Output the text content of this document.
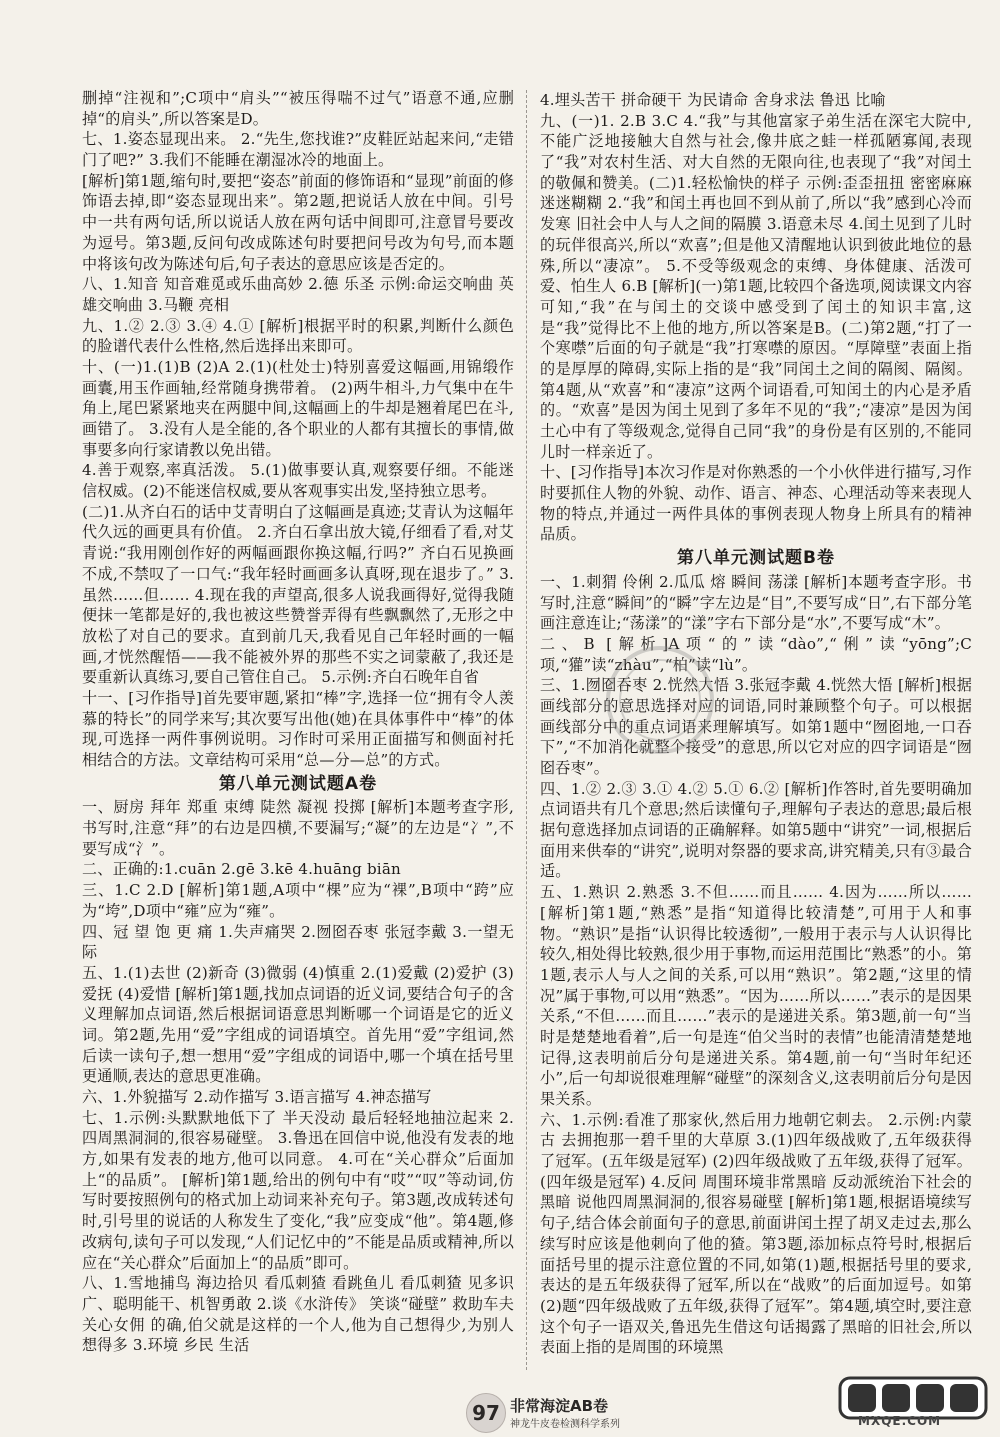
删掉“注视和”;C项中“肩头”“被压得喘不过气”语意不通,应删掉“的肩头”,所以答案是D。

七、1.姿态显现出来。 2.“先生,您找谁?”皮鞋匠站起来问,“走错门了吧?” 3.我们不能睡在潮湿冰冷的地面上。

[解析]第1题,缩句时,要把“姿态”前面的修饰语和“显现”前面的修饰语去掉,即“姿态显现出来”。第2题,把说话人放在中间。引号中一共有两句话,所以说话人放在两句话中间即可,注意冒号要改为逗号。第3题,反问句改成陈述句时要把问号改为句号,而本题中将该句改为陈述句后,句子表达的意思应该是否定的。

八、1.知音 知音难觅或乐曲高妙 2.德 乐圣 示例:命运交响曲 英雄交响曲 3.马鞭 亮相

九、1.② 2.③ 3.④ 4.① [解析]根据平时的积累,判断什么颜色的脸谱代表什么性格,然后选择出来即可。

十、(一)1.(1)B (2)A 2.(1)(杜处士)特别喜爱这幅画,用锦缎作画囊,用玉作画轴,经常随身携带着。 (2)两牛相斗,力气集中在牛角上,尾巴紧紧地夹在两腿中间,这幅画上的牛却是翘着尾巴在斗,画错了。 3.没有人是全能的,各个职业的人都有其擅长的事情,做事要多向行家请教以免出错。

4.善于观察,率真活泼。 5.(1)做事要认真,观察要仔细。不能迷信权威。(2)不能迷信权威,要从客观事实出发,坚持独立思考。

(二)1.从齐白石的话中艾青明白了这幅画是真迹;艾青认为这幅年代久远的画更具有价值。 2.齐白石拿出放大镜,仔细看了看,对艾青说:“我用刚创作好的两幅画跟你换这幅,行吗?” 齐白石见换画不成,不禁叹了一口气:“我年轻时画画多认真呀,现在退步了。” 3.虽然……但…… 4.现在我的声望高,很多人说我画得好,觉得我随便抹一笔都是好的,我也被这些赞誉弄得有些飘飘然了,无形之中放松了对自己的要求。直到前几天,我看见自己年轻时画的一幅画,才恍然醒悟——我不能被外界的那些不实之词蒙蔽了,我还是要重新认真练习,要自己管住自己。 5.示例:齐白石晚年自省

十一、[习作指导]首先要审题,紧扣“棒”字,选择一位“拥有令人羡慕的特长”的同学来写;其次要写出他(她)在具体事件中“棒”的体现,可选择一两件事例说明。习作时可采用正面描写和侧面衬托相结合的方法。文章结构可采用“总—分—总”的方式。

第八单元测试题A卷

一、厨房 拜年 郑重 束缚 陡然 凝视 投掷 [解析]本题考查字形,书写时,注意“拜”的右边是四横,不要漏写;“凝”的左边是“冫”,不要写成“氵”。

二、正确的:1.cuān 2.gē 3.kē 4.huāng biān

三、1.C 2.D [解析]第1题,A项中“棵”应为“裸”,B项中“跨”应为“垮”,D项中“雍”应为“雍”。

四、冠 望 饱 更 痛 1.失声痛哭 2.囫囵吞枣 张冠李戴 3.一望无际

五、1.(1)去世 (2)新奇 (3)微弱 (4)慎重 2.(1)爱戴 (2)爱护 (3)爱抚 (4)爱惜 [解析]第1题,找加点词语的近义词,要结合句子的含义理解加点词语,然后根据词语意思判断哪一个词语是它的近义词。第2题,先用“爱”字组成的词语填空。首先用“爱”字组词,然后读一读句子,想一想用“爱”字组成的词语中,哪一个填在括号里更通顺,表达的意思更准确。

六、1.外貌描写 2.动作描写 3.语言描写 4.神态描写

七、1.示例:头默默地低下了 半天没动 最后轻轻地抽泣起来 2.四周黑洞洞的,很容易碰壁。 3.鲁迅在回信中说,他没有发表的地方,如果有发表的地方,他可以同意。 4.可在“关心群众”后面加上“的品质”。 [解析]第1题,给出的例句中有“哎”“叹”等动词,仿写时要按照例句的格式加上动词来补充句子。第3题,改成转述句时,引号里的说话的人称发生了变化,“我”应变成“他”。第4题,修改病句,读句子可以发现,“人们记忆中的”不能是品质或精神,所以应在“关心群众”后面加上“的品质”即可。

八、1.雪地捕鸟 海边拾贝 看瓜刺猹 看跳鱼儿 看瓜刺猹 见多识广、聪明能干、机智勇敢 2.谈《水浒传》 笑谈“碰壁” 救助车夫 关心女佣 的确,伯父就是这样的一个人,他为自己想得少,为别人想得多 3.环境 乡民 生活

4.埋头苦干 拼命硬干 为民请命 舍身求法 鲁迅 比喻

九、(一)1. 2.B 3.C 4.“我”与其他富家子弟生活在深宅大院中,不能广泛地接触大自然与社会,像井底之蛙一样孤陋寡闻,表现了“我”对农村生活、对大自然的无限向往,也表现了“我”对闰土的敬佩和赞美。(二)1.轻松愉快的样子 示例:歪歪扭扭 密密麻麻 迷迷糊糊 2.“我”和闰土再也回不到从前了,所以“我”感到心冷而发寒 旧社会中人与人之间的隔膜 3.语意未尽 4.闰土见到了儿时的玩伴很高兴,所以“欢喜”;但是他又清醒地认识到彼此地位的悬殊,所以“凄凉”。 5.不受等级观念的束缚、身体健康、活泼可爱、怕生人 6.B [解析](一)第1题,比较四个备选项,阅读课文内容可知,“我”在与闰土的交谈中感受到了闰土的知识丰富,这是“我”觉得比不上他的地方,所以答案是B。(二)第2题,“打了一个寒噤”后面的句子就是“我”打寒噤的原因。“厚障壁”表面上指的是厚厚的障碍,实际上指的是“我”同闰土之间的隔阂、隔阂。第4题,从“欢喜”和“凄凉”这两个词语看,可知闰土的内心是矛盾的。“欢喜”是因为闰土见到了多年不见的“我”;“凄凉”是因为闰土心中有了等级观念,觉得自己同“我”的身份是有区别的,不能同儿时一样亲近了。

十、[习作指导]本次习作是对你熟悉的一个小伙伴进行描写,习作时要抓住人物的外貌、动作、语言、神态、心理活动等来表现人物的特点,并通过一两件具体的事例表现人物身上所具有的精神品质。

第八单元测试题B卷

一、1.刺猬 伶俐 2.瓜瓜 熔 瞬间 荡漾 [解析]本题考查字形。书写时,注意“瞬间”的“瞬”字左边是“目”,不要写成“日”,右下部分笔画注意连让;“荡漾”的“漾”字右下部分是“水”,不要写成“木”。

二、B [解析]A项“的”读“dào”,“俐”读“yōng”;C项,“獾”读“zhàu”,“柏”读“lù”。

三、1.囫囵吞枣 2.恍然大悟 3.张冠李戴 4.恍然大悟 [解析]根据画线部分的意思选择对应的词语,同时兼顾整个句子。可以根据画线部分中的重点词语来理解填写。如第1题中“囫囵地,一口吞下”,“不加消化就整个接受”的意思,所以它对应的四字词语是“囫囵吞枣”。

四、1.② 2.③ 3.① 4.② 5.① 6.② [解析]作答时,首先要明确加点词语共有几个意思;然后读懂句子,理解句子表达的意思;最后根据句意选择加点词语的正确解释。如第5题中“讲究”一词,根据后面用来供奉的“讲究”,说明对祭器的要求高,讲究精美,只有③最合适。

五、1.熟识 2.熟悉 3.不但……而且…… 4.因为……所以…… [解析]第1题,“熟悉”是指“知道得比较清楚”,可用于人和事物。“熟识”是指“认识得比较透彻”,一般用于表示与人认识得比较久,相处得比较熟,很少用于事物,而运用范围比“熟悉”的小。第1题,表示人与人之间的关系,可以用“熟识”。第2题,“这里的情况”属于事物,可以用“熟悉”。“因为……所以……”表示的是因果关系,“不但……而且……”表示的是递进关系。第3题,前一句“当时是楚楚地看着”,后一句是连“伯父当时的表情”也能清清楚楚地记得,这表明前后分句是递进关系。第4题,前一句“当时年纪还小”,后一句却说很难理解“碰壁”的深刻含义,这表明前后分句是因果关系。

六、1.示例:看准了那家伙,然后用力地朝它刺去。 2.示例:内蒙古 去拥抱那一碧千里的大草原 3.(1)四年级战败了,五年级获得了冠军。(五年级是冠军) (2)四年级战败了五年级,获得了冠军。(四年级是冠军) 4.反问 周围环境非常黑暗 反动派统治下社会的黑暗 说他四周黑洞洞的,很容易碰壁 [解析]第1题,根据语境续写句子,结合体会前面句子的意思,前面讲闰土捏了胡叉走过去,那么续写时应该是他刺向了他的猹。第3题,添加标点符号时,根据后面括号里的提示注意位置的不同,如第(1)题,根据括号里的要求,表达的是五年级获得了冠军,所以在“战败”的后面加逗号。如第(2)题“四年级战败了五年级,获得了冠军”。第4题,填空时,要注意这个句子一语双关,鲁迅先生借这句话揭露了黑暗的旧社会,所以表面上指的是周围的环境黑

97 非常海淀AB卷
神龙牛皮卷检测科学系列	MXQE.COM
